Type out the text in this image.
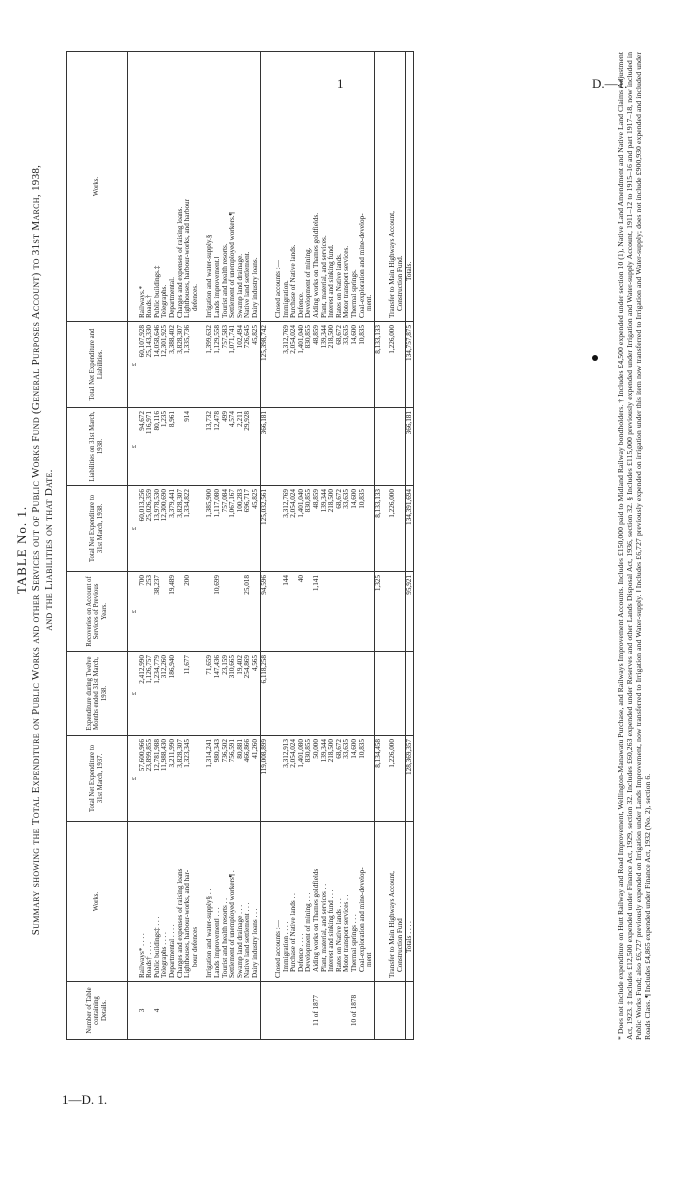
1	D.—1.
1—D. 1.
TABLE No. 1. Summary showing the Total Expenditure on Public Works and other Services out of Public Works Fund (General Purposes Account) to 31st March, 1938, and the Liabilities on that Date.
Number of Table containing Details.	Works.	Total Net Expenditure to 31st March, 1937.	Expenditure during Twelve Months ended 31st March, 1938.	Recoveries on Account of Services of Previous Years.	Total Net Expenditure to 31st March, 1938.	Liabilities on 31st March, 1938.	Total Net Expenditure and Liabilities.	Works.
		£	£	£	£	£	£	
3	Railways* . . . .	57,600,966	2,412,990	700	60,013,256	94,672	60,107,928	Railways.*
	Roads† . . . .	23,899,855	1,126,757	253	25,026,359	116,971	25,143,330	Roads.†
4	Public buildings‡ . . .	12,781,988	1,234,779	38,237	13,978,530	80,116	14,058,646	Public buildings.‡
	Telegraphs . . . .	11,988,430	312,260		12,300,690	1,235	12,301,925	Telegraphs.
	Departmental . . . .	3,211,990	186,940	19,489	3,379,441	8,961	3,388,402	Departmental.
	Charges and expenses of raising loans	3,828,307			3,828,307		3,828,307	Charges and expenses of raising loans.
	Lighthouses, harbour-works, and har-	1,323,345	11,677	200	1,334,822	914	1,335,736	Lighthouses, harbour-works, and harbour
	bour defences							defences.

	Irrigation and water-supply§ . .	1,314,241	71,659		1,385,900	13,732	1,399,632	Irrigation and water-supply.§
	Lands improvement‖ . . .	980,343	147,436	10,699	1,117,080	12,478	1,129,558	Lands improvement.‖
	Tourist and health resorts . .	736,502	23,159		757,084	499	757,583	Tourist and health resorts.
	Settlement of unemployed workers¶ .	756,591	310,665		1,067,167	4,574	1,071,741	Settlement of unemployed workers.¶
	Swamp land drainage . . .	80,881	19,402		100,283	2,211	102,494	Swamp land drainage.
	Native land settlement . . .	466,866	254,869	25,018	696,717	29,928	726,645	Native land settlement.
	Dairy industry loans . . .	41,260	4,565		45,825		45,825	Dairy industry loans.
		119,008,899	6,118,258	94,596	125,032,561	366,181	125,398,742	

	Closed accounts :—							Closed accounts :—
	Immigration . . . .	3,312,913		144	3,312,769		3,312,769	Immigration.
	Purchase of Native lands . .	2,054,024			2,054,024		2,054,024	Purchase of Native lands.
	Defence . . . .	1,401,080		40	1,401,040		1,401,040	Defence.
	Development of mining . . .	830,855			830,855		830,855	Development of mining.
11 of 1877	Aiding works on Thames goldfields	50,000		1,141	48,859		48,859	Aiding works on Thames goldfields.
	Plant, material, and services . .	139,344			139,344		139,344	Plant, material, and services.
	Interest and sinking fund . . .	218,500			218,500		218,500	Interest and sinking fund.
	Rates on Native lands . . .	68,672			68,672		68,672	Rates on Native lands.
	Motor transport services . .	33,635			33,635		33,635	Motor transport services.
10 of 1878	Thermal springs . . .	14,600			14,600		14,600	Thermal springs.
	Coal-exploration and mine-develop-	10,835			10,835		10,835	Coal-exploration and mine-develop-
	ment							ment.
		8,134,458		1,325	8,133,133		8,133,133	

	Transfer to Main Highways Account,	1,226,000			1,226,000		1,226,000	Transfer to Main Highways Account,
	Construction Fund							Construction Fund.
	Totals . . . .	128,369,357		95,921	134,391,694	366,181	134,757,875	Totals.	* Does not include expenditure on Hutt Railway and Road Improvement, Wellington-Manawatu Purchase, and Railways Improvement Accounts. Includes £150,000 paid to Midland Railway bondholders. † Includes £4,500 expended under section 10 (1), Native Land Amendment and Native Land Claims Adjustment Act, 1923. ‡ Includes £12,500 expended under Finance Act, 1929, section 32. Includes £60,263 expended under Reserves and other Lands Disposal Act, 1936, section 32. § Includes £115,000 previously expended under Irrigation and Water-supply Account, 1911–12 to 1915–16 and part 1917–18, now included in Public Works Fund; also £6,727 previously expended on Irrigation under Lands Improvement, now transferred to Irrigation and Water-supply. ‖ Includes £6,727 previously expended on irrigation under this item now transferred to Irrigation and Water-supply; does not include £900,930 expended and included under Roads Class. ¶ Includes £4,865 expended under Finance Act, 1932 (No. 2), section 6.
